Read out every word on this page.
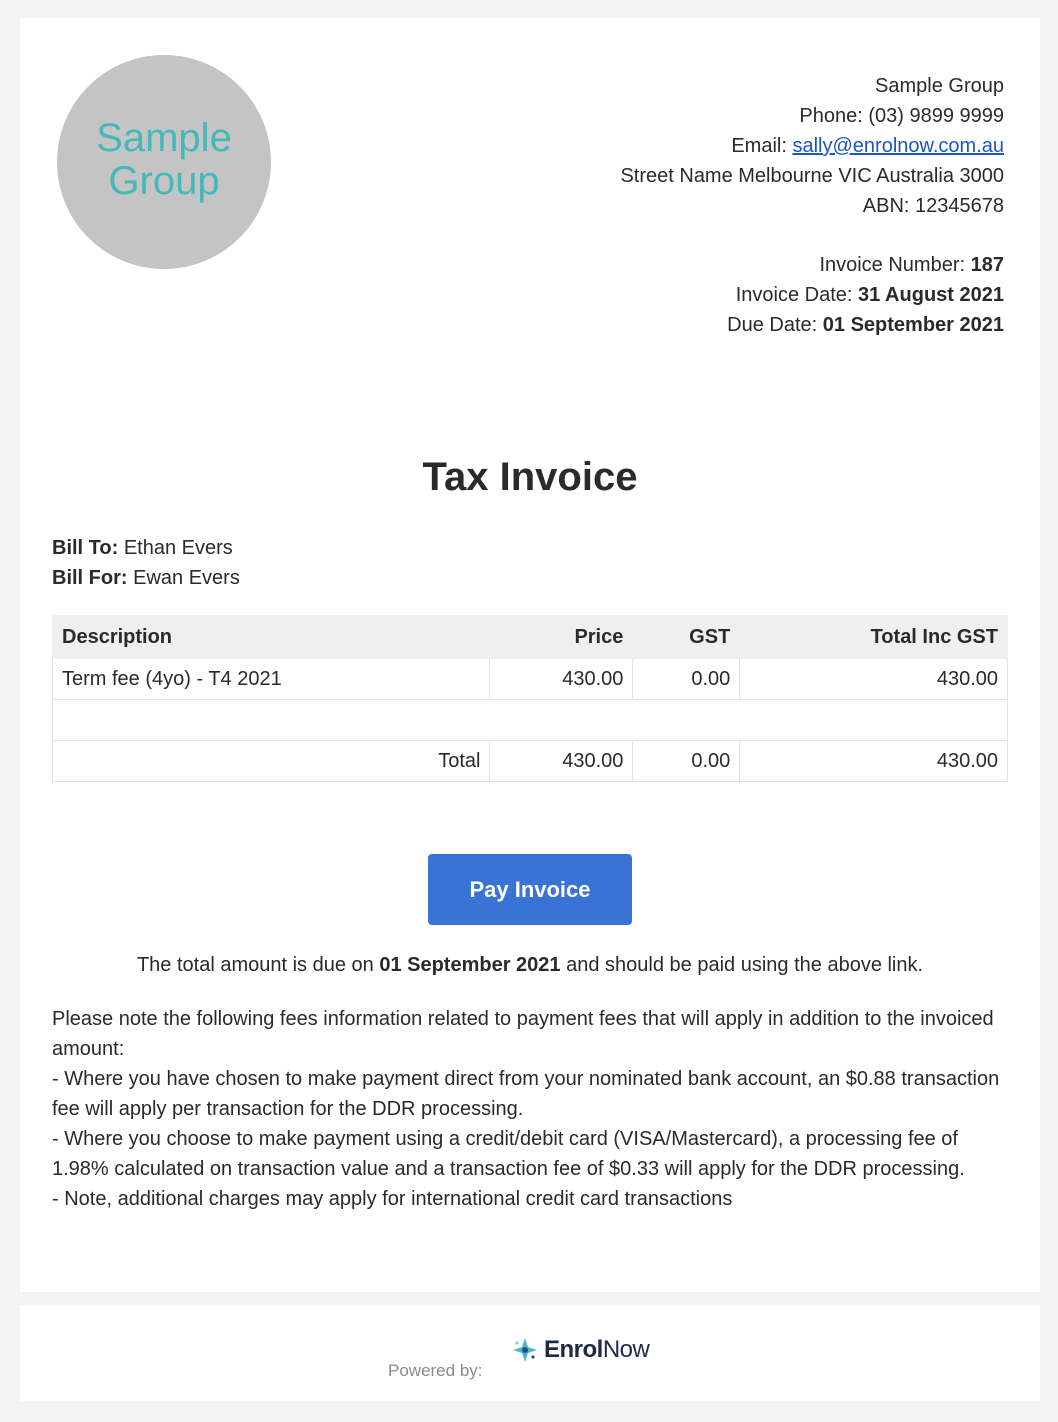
Sample
Group
Sample Group
Phone: (03) 9899 9999
Email: sally@enrolnow.com.au
Street Name Melbourne VIC Australia 3000
ABN: 12345678
Invoice Number: 187
Invoice Date: 31 August 2021
Due Date: 01 September 2021
Tax Invoice
Bill To: Ethan Evers
Bill For: Ewan Evers
Description	Price	GST	Total Inc GST
Term fee (4yo) - T4 2021	430.00	0.00	430.00

Total	430.00	0.00	430.00
Pay Invoice
The total amount is due on 01 September 2021 and should be paid using the above link.

Please note the following fees information related to payment fees that will apply in addition to the invoiced amount:

- Where you have chosen to make payment direct from your nominated bank account, an $0.88 transaction fee will apply per transaction for the DDR processing.

- Where you choose to make payment using a credit/debit card (VISA/Mastercard), a processing fee of 1.98% calculated on transaction value and a transaction fee of $0.33 will apply for the DDR processing.

- Note, additional charges may apply for international credit card transactions

Powered by:
EnrolNow
